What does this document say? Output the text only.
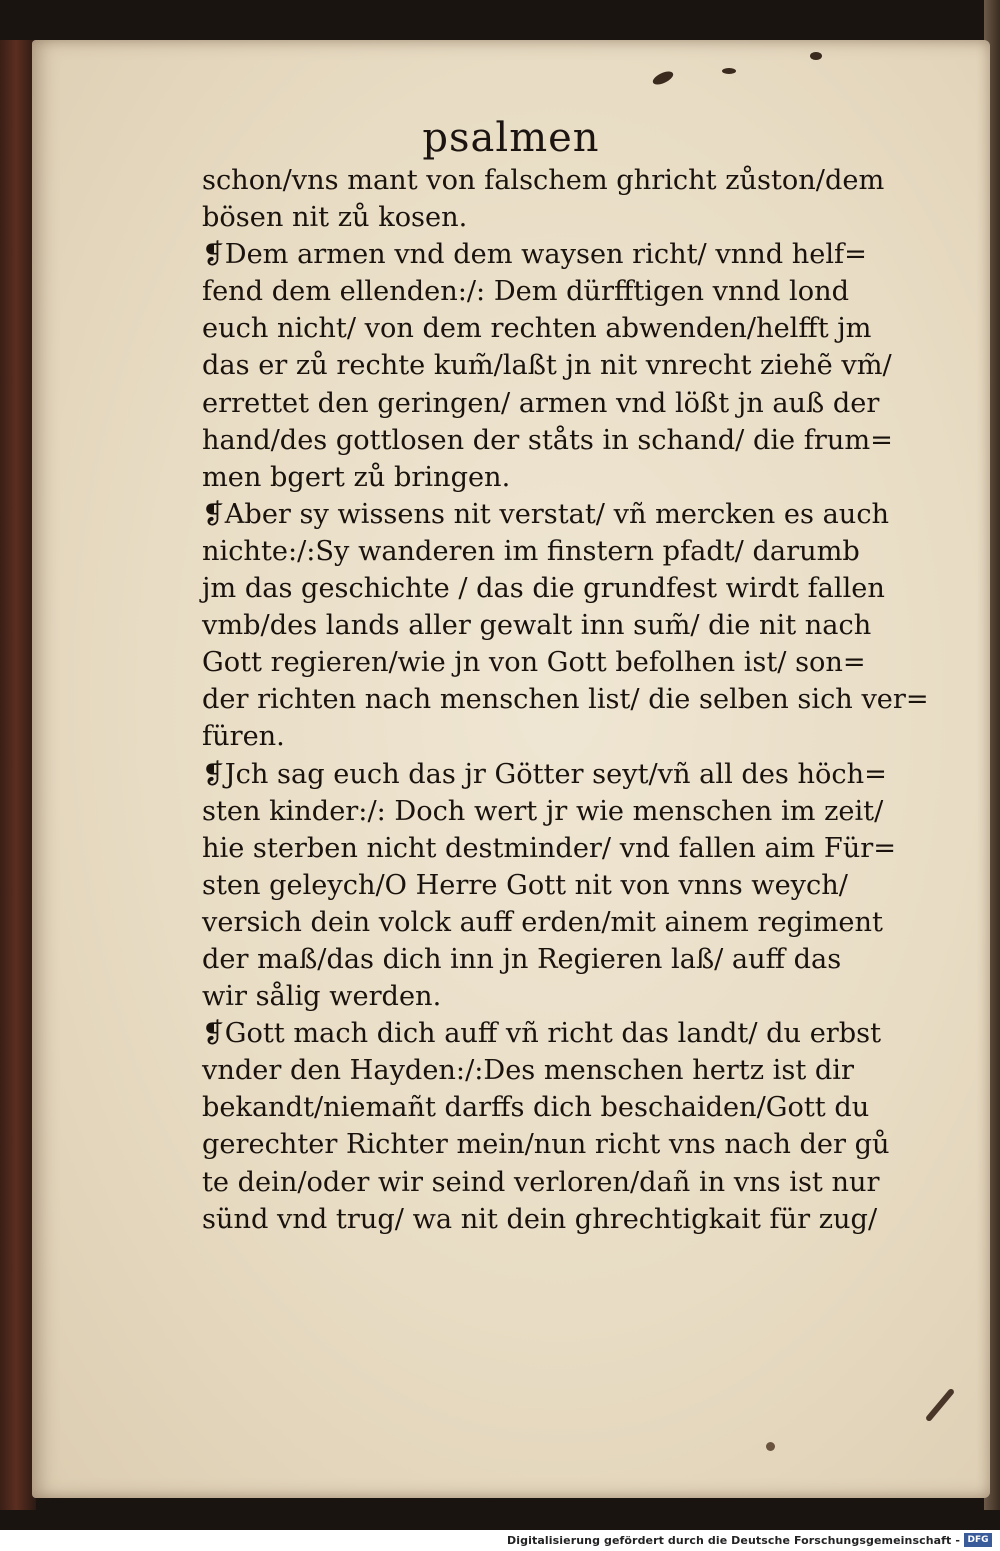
psalmen
schon/vns mant von falschem ghricht zůston/dem
bösen nit zů kosen.
❡Dem armen vnd dem waysen richt/ vnnd helf=
fend dem ellenden:/: Dem dürfftigen vnnd lond
euch nicht/ von dem rechten abwenden/helfft jm
das er zů rechte kum̃/laßt jn nit vnrecht ziehẽ vm̃/
errettet den geringen/ armen vnd lößt jn auß der
hand/des gottlosen der ståts in schand/ die frum=
men bgert zů bringen.
❡Aber sy wissens nit verstat/ vñ mercken es auch
nichte:/:Sy wanderen im finstern pfadt/ darumb
jm das geschichte / das die grundfest wirdt fallen
vmb/des lands aller gewalt inn sum̃/ die nit nach
Gott regieren/wie jn von Gott befolhen ist/ son=
der richten nach menschen list/ die selben sich ver=
füren.
❡Jch sag euch das jr Götter seyt/vñ all des höch=
sten kinder:/: Doch wert jr wie menschen im zeit/
hie sterben nicht destminder/ vnd fallen aim Für=
sten geleych/O Herre Gott nit von vnns weych/
versich dein volck auff erden/mit ainem regiment
der maß/das dich inn jn Regieren laß/ auff das
wir sålig werden.
❡Gott mach dich auff vñ richt das landt/ du erbst
vnder den Hayden:/:Des menschen hertz ist dir
bekandt/niemañt darffs dich beschaiden/Gott du
gerechter Richter mein/nun richt vns nach der gů
te dein/oder wir seind verloren/dañ in vns ist nur
sünd vnd trug/ wa nit dein ghrechtigkait für zug/
Digitalisierung gefördert durch die Deutsche Forschungsgemeinschaft - DFG
